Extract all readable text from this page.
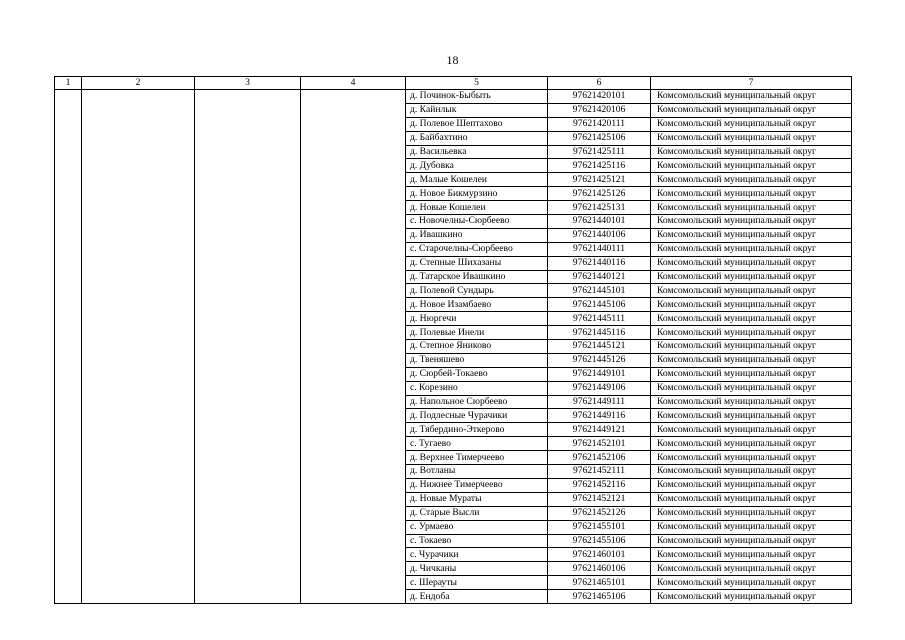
18
1	2	3	4	5	6	7
				д. Починок-Быбыть	97621420101	Комсомольский муниципальный округ
				д. Кайнлык	97621420106	Комсомольский муниципальный округ
				д. Полевое Шептахово	97621420111	Комсомольский муниципальный округ
				д. Байбахтино	97621425106	Комсомольский муниципальный округ
				д. Васильевка	97621425111	Комсомольский муниципальный округ
				д. Дубовка	97621425116	Комсомольский муниципальный округ
				д. Малые Кошелеи	97621425121	Комсомольский муниципальный округ
				д. Новое Бикмурзино	97621425126	Комсомольский муниципальный округ
				д. Новые Кошелеи	97621425131	Комсомольский муниципальный округ
				с. Новочелны-Сюрбеево	97621440101	Комсомольский муниципальный округ
				д. Ивашкино	97621440106	Комсомольский муниципальный округ
				с. Старочелны-Сюрбеево	97621440111	Комсомольский муниципальный округ
				д. Степные Шихазаны	97621440116	Комсомольский муниципальный округ
				д. Татарское Ивашкино	97621440121	Комсомольский муниципальный округ
				д. Полевой Сундырь	97621445101	Комсомольский муниципальный округ
				д. Новое Изамбаево	97621445106	Комсомольский муниципальный округ
				д. Нюргечи	97621445111	Комсомольский муниципальный округ
				д. Полевые Инели	97621445116	Комсомольский муниципальный округ
				д. Степное Яниково	97621445121	Комсомольский муниципальный округ
				д. Твеняшево	97621445126	Комсомольский муниципальный округ
				д. Сюрбей-Токаево	97621449101	Комсомольский муниципальный округ
				с. Корезино	97621449106	Комсомольский муниципальный округ
				д. Напольное Сюрбеево	97621449111	Комсомольский муниципальный округ
				д. Подлесные Чурачики	97621449116	Комсомольский муниципальный округ
				д. Тябердино-Эткерово	97621449121	Комсомольский муниципальный округ
				с. Тугаево	97621452101	Комсомольский муниципальный округ
				д. Верхнее Тимерчеево	97621452106	Комсомольский муниципальный округ
				д. Вотланы	97621452111	Комсомольский муниципальный округ
				д. Нижнее Тимерчеево	97621452116	Комсомольский муниципальный округ
				д. Новые Мураты	97621452121	Комсомольский муниципальный округ
				д. Старые Высли	97621452126	Комсомольский муниципальный округ
				с. Урмаево	97621455101	Комсомольский муниципальный округ
				с. Токаево	97621455106	Комсомольский муниципальный округ
				с. Чурачики	97621460101	Комсомольский муниципальный округ
				д. Чичканы	97621460106	Комсомольский муниципальный округ
				с. Шерауты	97621465101	Комсомольский муниципальный округ
				д. Ендоба	97621465106	Комсомольский муниципальный округ
